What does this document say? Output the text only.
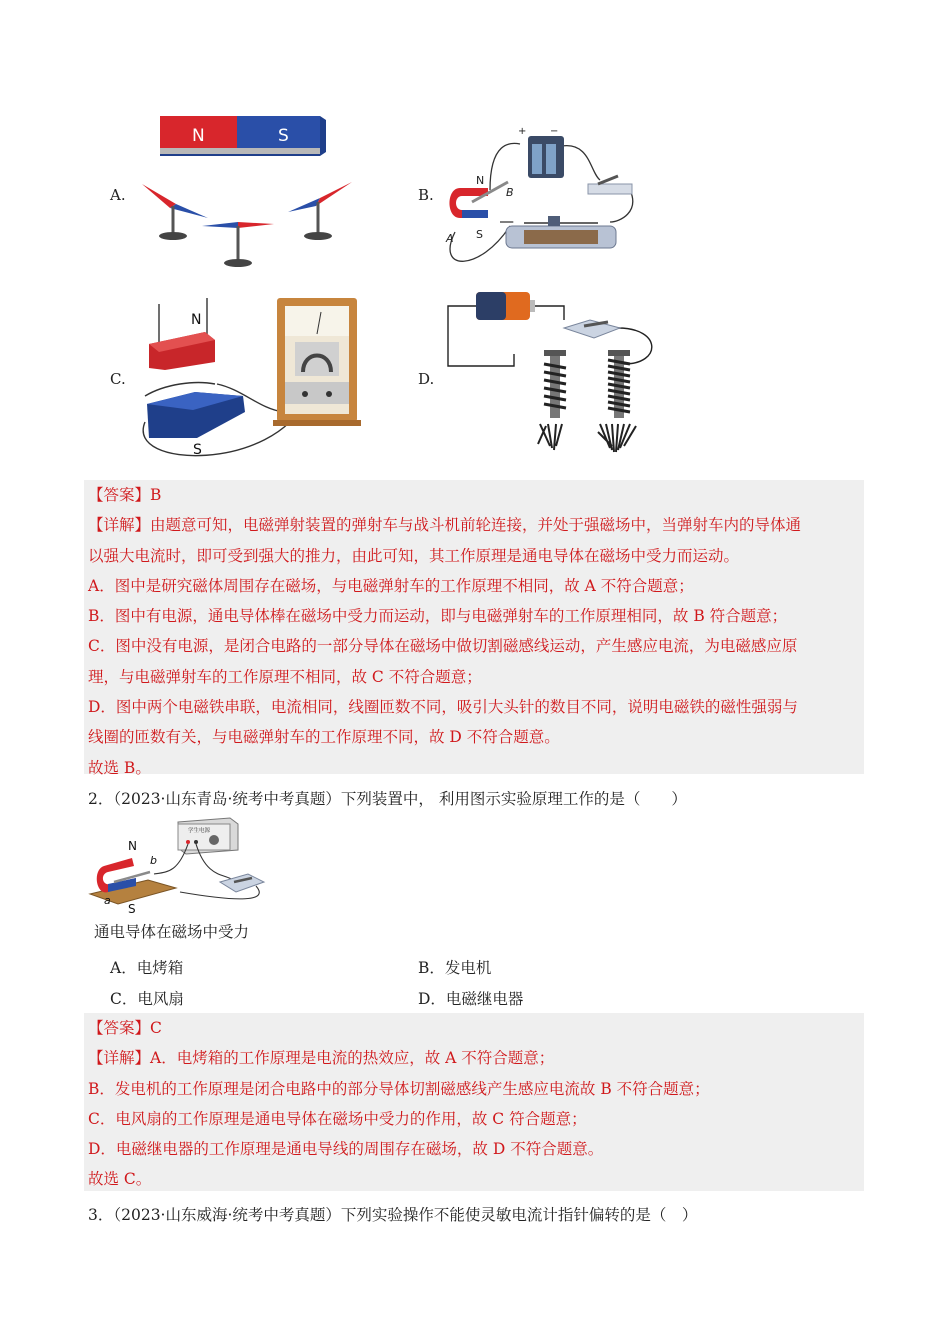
A.
N	S
B.
+ −
N
S
B
A
C.
N
S
D.

【答案】B

【详解】由题意可知，电磁弹射装置的弹射车与战斗机前轮连接，并处于强磁场中，当弹射车内的导体通

以强大电流时，即可受到强大的推力，由此可知，其工作原理是通电导体在磁场中受力而运动。

A．图中是研究磁体周围存在磁场，与电磁弹射车的工作原理不相同，故 A 不符合题意；

B．图中有电源，通电导体棒在磁场中受力而运动，即与电磁弹射车的工作原理相同，故 B 符合题意；

C．图中没有电源，是闭合电路的一部分导体在磁场中做切割磁感线运动，产生感应电流，为电磁感应原

理，与电磁弹射车的工作原理不相同，故 C 不符合题意；

D．图中两个电磁铁串联，电流相同，线圈匝数不同，吸引大头针的数目不同，说明电磁铁的磁性强弱与

线圈的匝数有关，与电磁弹射车的工作原理不同，故 D 不符合题意。

故选 B。

2．（2023·山东青岛·统考中考真题）下列装置中， 利用图示实验原理工作的是（　　）
学生电源
N
S
b
a
通电导体在磁场中受力
A．电烤箱	B．发电机
C．电风扇	D．电磁继电器

【答案】C

【详解】A．电烤箱的工作原理是电流的热效应，故 A 不符合题意；

B．发电机的工作原理是闭合电路中的部分导体切割磁感线产生感应电流故 B 不符合题意；

C．电风扇的工作原理是通电导体在磁场中受力的作用，故 C 符合题意；

D．电磁继电器的工作原理是通电导线的周围存在磁场，故 D 不符合题意。

故选 C。

3．（2023·山东威海·统考中考真题）下列实验操作不能使灵敏电流计指针偏转的是（　）
